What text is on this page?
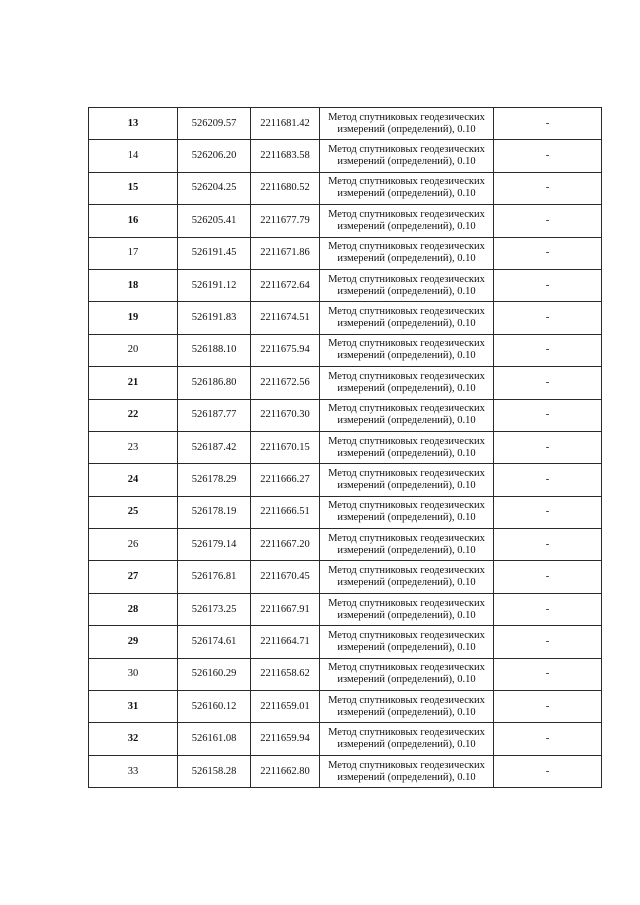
13	526209.57	2211681.42	Метод спутниковых геодезических
измерений (определений), 0.10	-
14	526206.20	2211683.58	Метод спутниковых геодезических
измерений (определений), 0.10	-
15	526204.25	2211680.52	Метод спутниковых геодезических
измерений (определений), 0.10	-
16	526205.41	2211677.79	Метод спутниковых геодезических
измерений (определений), 0.10	-
17	526191.45	2211671.86	Метод спутниковых геодезических
измерений (определений), 0.10	-
18	526191.12	2211672.64	Метод спутниковых геодезических
измерений (определений), 0.10	-
19	526191.83	2211674.51	Метод спутниковых геодезических
измерений (определений), 0.10	-
20	526188.10	2211675.94	Метод спутниковых геодезических
измерений (определений), 0.10	-
21	526186.80	2211672.56	Метод спутниковых геодезических
измерений (определений), 0.10	-
22	526187.77	2211670.30	Метод спутниковых геодезических
измерений (определений), 0.10	-
23	526187.42	2211670.15	Метод спутниковых геодезических
измерений (определений), 0.10	-
24	526178.29	2211666.27	Метод спутниковых геодезических
измерений (определений), 0.10	-
25	526178.19	2211666.51	Метод спутниковых геодезических
измерений (определений), 0.10	-
26	526179.14	2211667.20	Метод спутниковых геодезических
измерений (определений), 0.10	-
27	526176.81	2211670.45	Метод спутниковых геодезических
измерений (определений), 0.10	-
28	526173.25	2211667.91	Метод спутниковых геодезических
измерений (определений), 0.10	-
29	526174.61	2211664.71	Метод спутниковых геодезических
измерений (определений), 0.10	-
30	526160.29	2211658.62	Метод спутниковых геодезических
измерений (определений), 0.10	-
31	526160.12	2211659.01	Метод спутниковых геодезических
измерений (определений), 0.10	-
32	526161.08	2211659.94	Метод спутниковых геодезических
измерений (определений), 0.10	-
33	526158.28	2211662.80	Метод спутниковых геодезических
измерений (определений), 0.10	-
